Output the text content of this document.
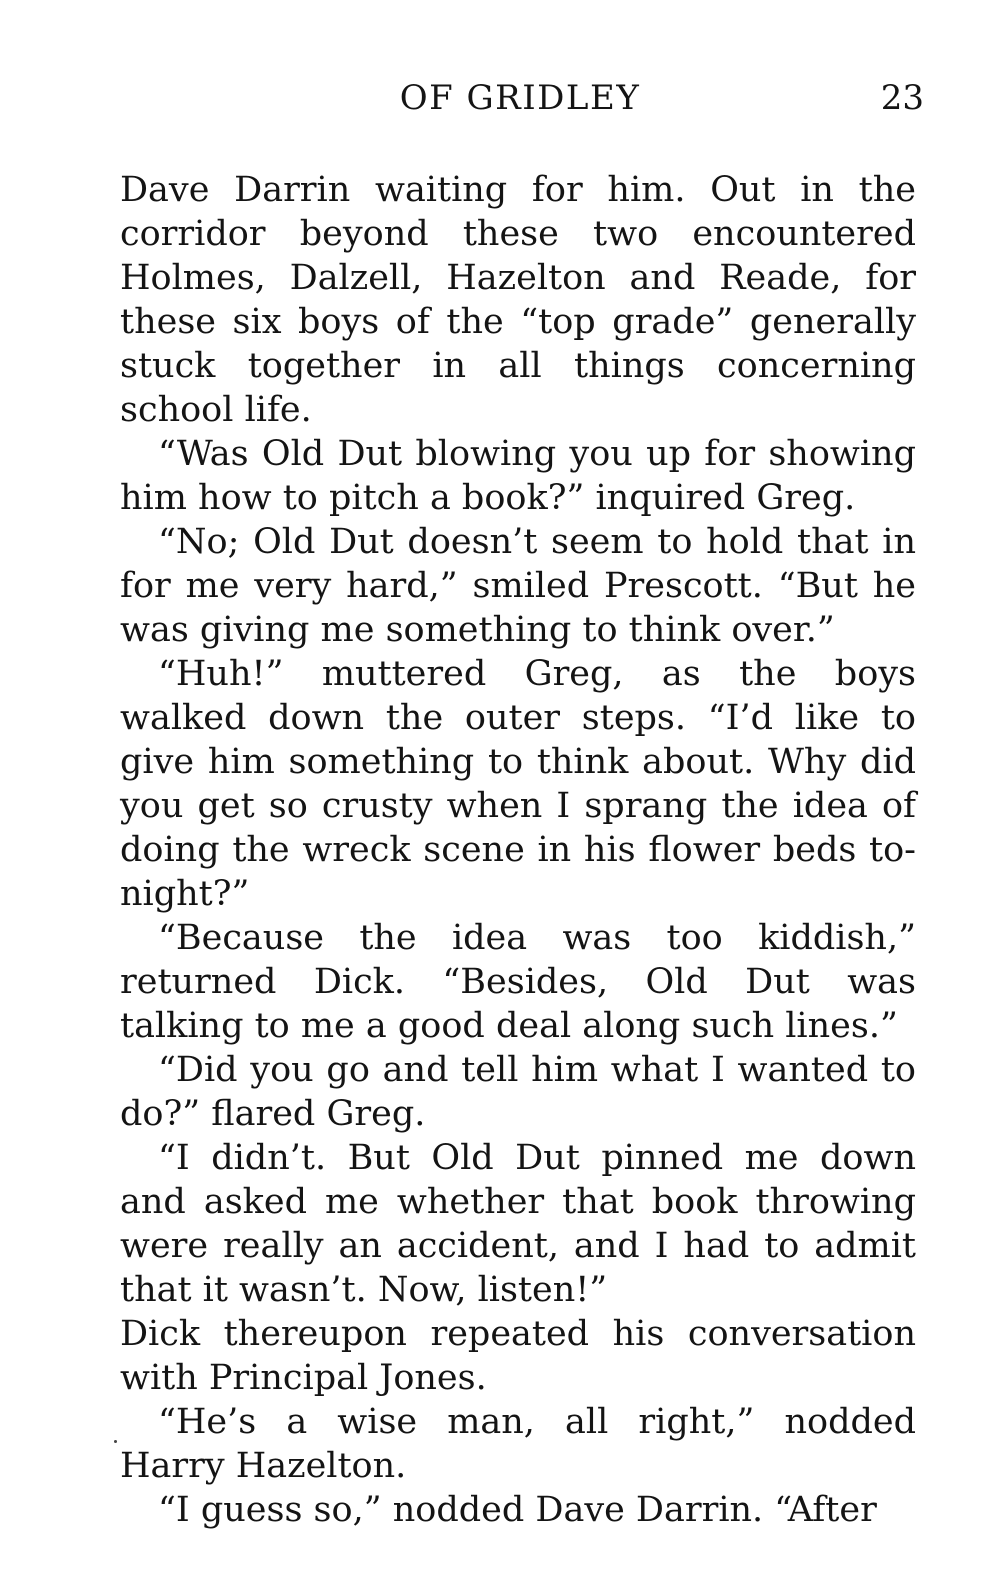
OF GRIDLEY	23

Dave Darrin waiting for him. Out in the corridor beyond these two encountered Holmes, Dalzell, Hazelton and Reade, for these six boys of the “top grade” generally stuck together in all things concerning school life.

“Was Old Dut blowing you up for showing him how to pitch a book?” inquired Greg.

“No; Old Dut doesn’t seem to hold that in for me very hard,” smiled Prescott. “But he was giving me something to think over.”

“Huh!” muttered Greg, as the boys walked down the outer steps. “I’d like to give him something to think about. Why did you get so crusty when I sprang the idea of doing the wreck scene in his flower beds to-night?”

“Because the idea was too kiddish,” returned Dick. “Besides, Old Dut was talking to me a good deal along such lines.”

“Did you go and tell him what I wanted to do?” flared Greg.

“I didn’t. But Old Dut pinned me down and asked me whether that book throwing were really an accident, and I had to admit that it wasn’t. Now, listen!”

Dick thereupon repeated his conversation with Principal Jones.

“He’s a wise man, all right,” nodded Harry Hazelton.

“I guess so,” nodded Dave Darrin. “After
